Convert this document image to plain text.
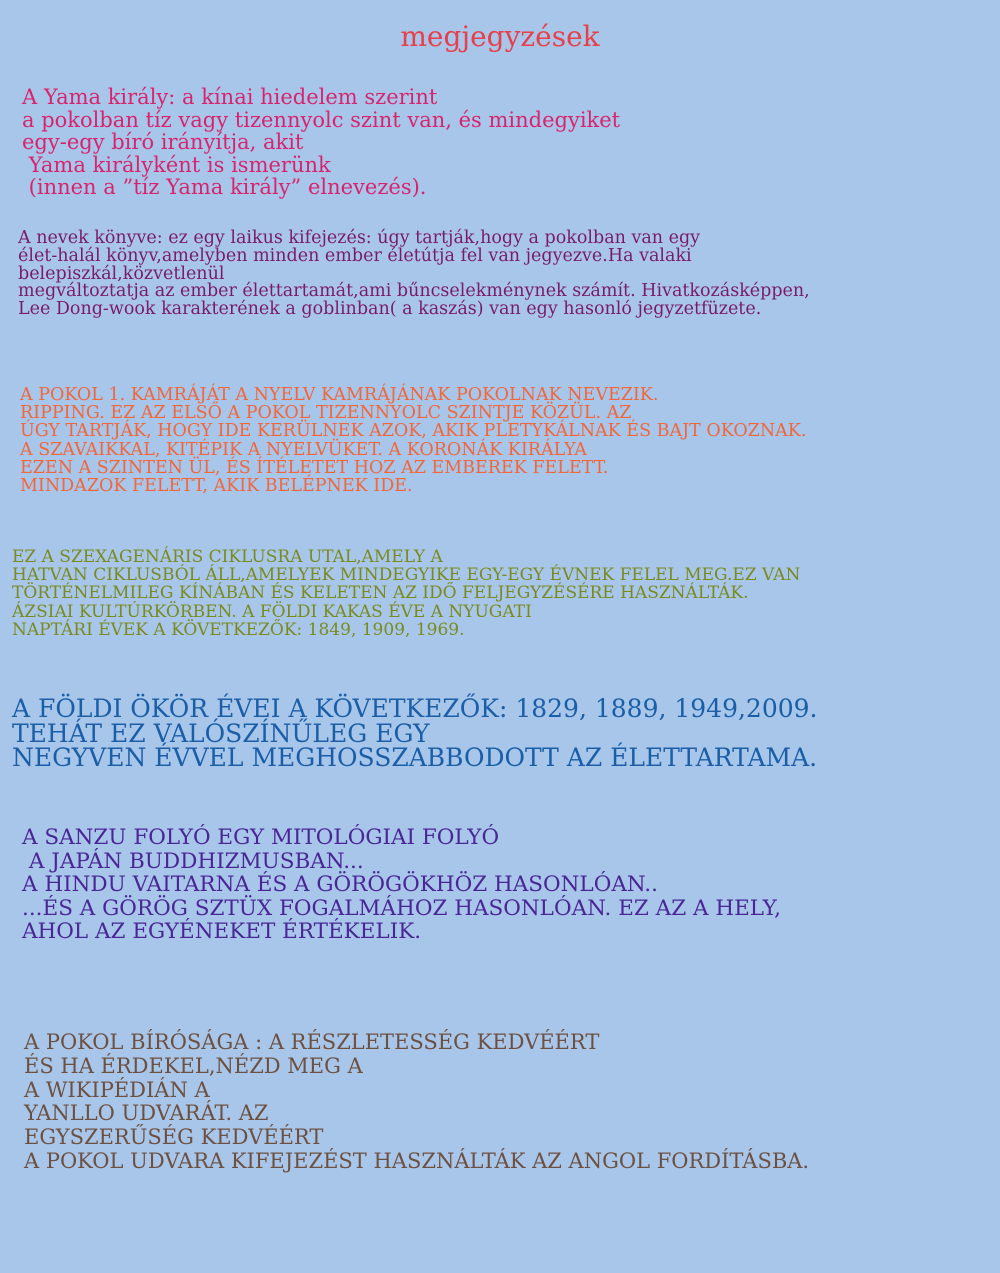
megjegyzések
A Yama király: a kínai hiedelem szerint
a pokolban tíz vagy tizennyolc szint van, és mindegyiket
egy-egy bíró irányítja, akit
Yama királyként is ismerünk
(innen a ”tíz Yama király” elnevezés).
A nevek könyve: ez egy laikus kifejezés: úgy tartják,hogy a pokolban van egy
élet-halál könyv,amelyben minden ember életútja fel van jegyezve.Ha valaki
belepiszkál,közvetlenül
megváltoztatja az ember élettartamát,ami bűncselekménynek számít. Hivatkozásképpen,
Lee Dong-wook karakterének a goblinban( a kaszás) van egy hasonló jegyzetfüzete.
A POKOL 1. KAMRÁJÁT A NYELV KAMRÁJÁNAK POKOLNAK NEVEZIK.
RIPPING. EZ AZ ELSŐ A POKOL TIZENNYOLC SZINTJE KÖZÜL. AZ
ÚGY TARTJÁK, HOGY IDE KERÜLNEK AZOK, AKIK PLETYKÁLNAK ÉS BAJT OKOZNAK.
A SZAVAIKKAL, KITÉPIK A NYELVÜKET. A KORONÁK KIRÁLYA
EZEN A SZINTEN ÜL, ÉS ÍTÉLETET HOZ AZ EMBEREK FELETT.
MINDAZOK FELETT, AKIK BELÉPNEK IDE.
EZ A SZEXAGENÁRIS CIKLUSRA UTAL,AMELY A
HATVAN CIKLUSBÓL ÁLL,AMELYEK MINDEGYIKE EGY-EGY ÉVNEK FELEL MEG.EZ VAN
TÖRTÉNELMILEG KÍNÁBAN ÉS KELETEN AZ IDŐ FELJEGYZÉSÉRE HASZNÁLTÁK.
ÁZSIAI KULTÚRKÖRBEN. A FÖLDI KAKAS ÉVE A NYUGATI
NAPTÁRI ÉVEK A KÖVETKEZŐK: 1849, 1909, 1969.
A FÖLDI ÖKÖR ÉVEI A KÖVETKEZŐK: 1829, 1889, 1949,2009.
TEHÁT EZ VALÓSZÍNŰLEG EGY
NEGYVEN ÉVVEL MEGHOSSZABBODOTT AZ ÉLETTARTAMA.
A SANZU FOLYÓ EGY MITOLÓGIAI FOLYÓ
A JAPÁN BUDDHIZMUSBAN...
A HINDU VAITARNA ÉS A GÖRÖGÖKHÖZ HASONLÓAN..
...ÉS A GÖRÖG SZTÜX FOGALMÁHOZ HASONLÓAN. EZ AZ A HELY,
AHOL AZ EGYÉNEKET ÉRTÉKELIK.
A POKOL BÍRÓSÁGA : A RÉSZLETESSÉG KEDVÉÉRT
ÉS HA ÉRDEKEL,NÉZD MEG A
A WIKIPÉDIÁN A
YANLLO UDVARÁT. AZ
EGYSZERŰSÉG KEDVÉÉRT
A POKOL UDVARA KIFEJEZÉST HASZNÁLTÁK AZ ANGOL FORDÍTÁSBA.
